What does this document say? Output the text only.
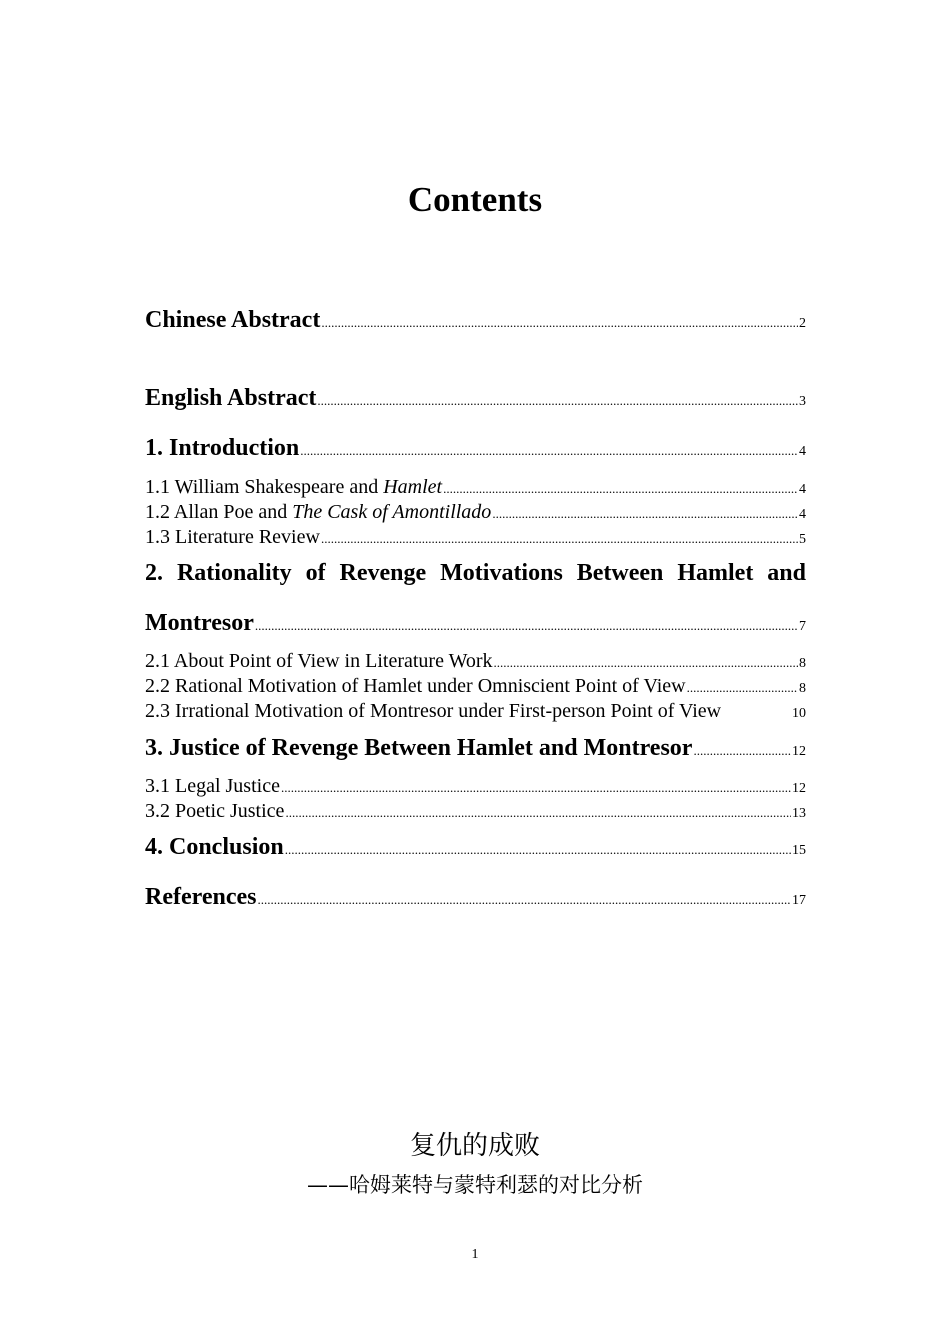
Contents
Chinese Abstract .....	2
English Abstract .....	3
1. Introduction .....	4
1.1 William Shakespeare and Hamlet .....	4
1.2 Allan Poe and The Cask of Amontillado .....	4
1.3 Literature Review .....	5
2. Rationality of Revenge Motivations Between Hamlet and
Montresor .....	7
2.1 About Point of View in Literature Work .....	8
2.2 Rational Motivation of Hamlet under Omniscient Point of View .....	8
2.3 Irrational Motivation of Montresor under First-person Point of View	10
3. Justice of Revenge Between Hamlet and Montresor .....	12
3.1 Legal Justice .....	12
3.2 Poetic Justice .....	13
4. Conclusion .....	15
References .....	17
复仇的成败
——哈姆莱特与蒙特利瑟的对比分析
1
